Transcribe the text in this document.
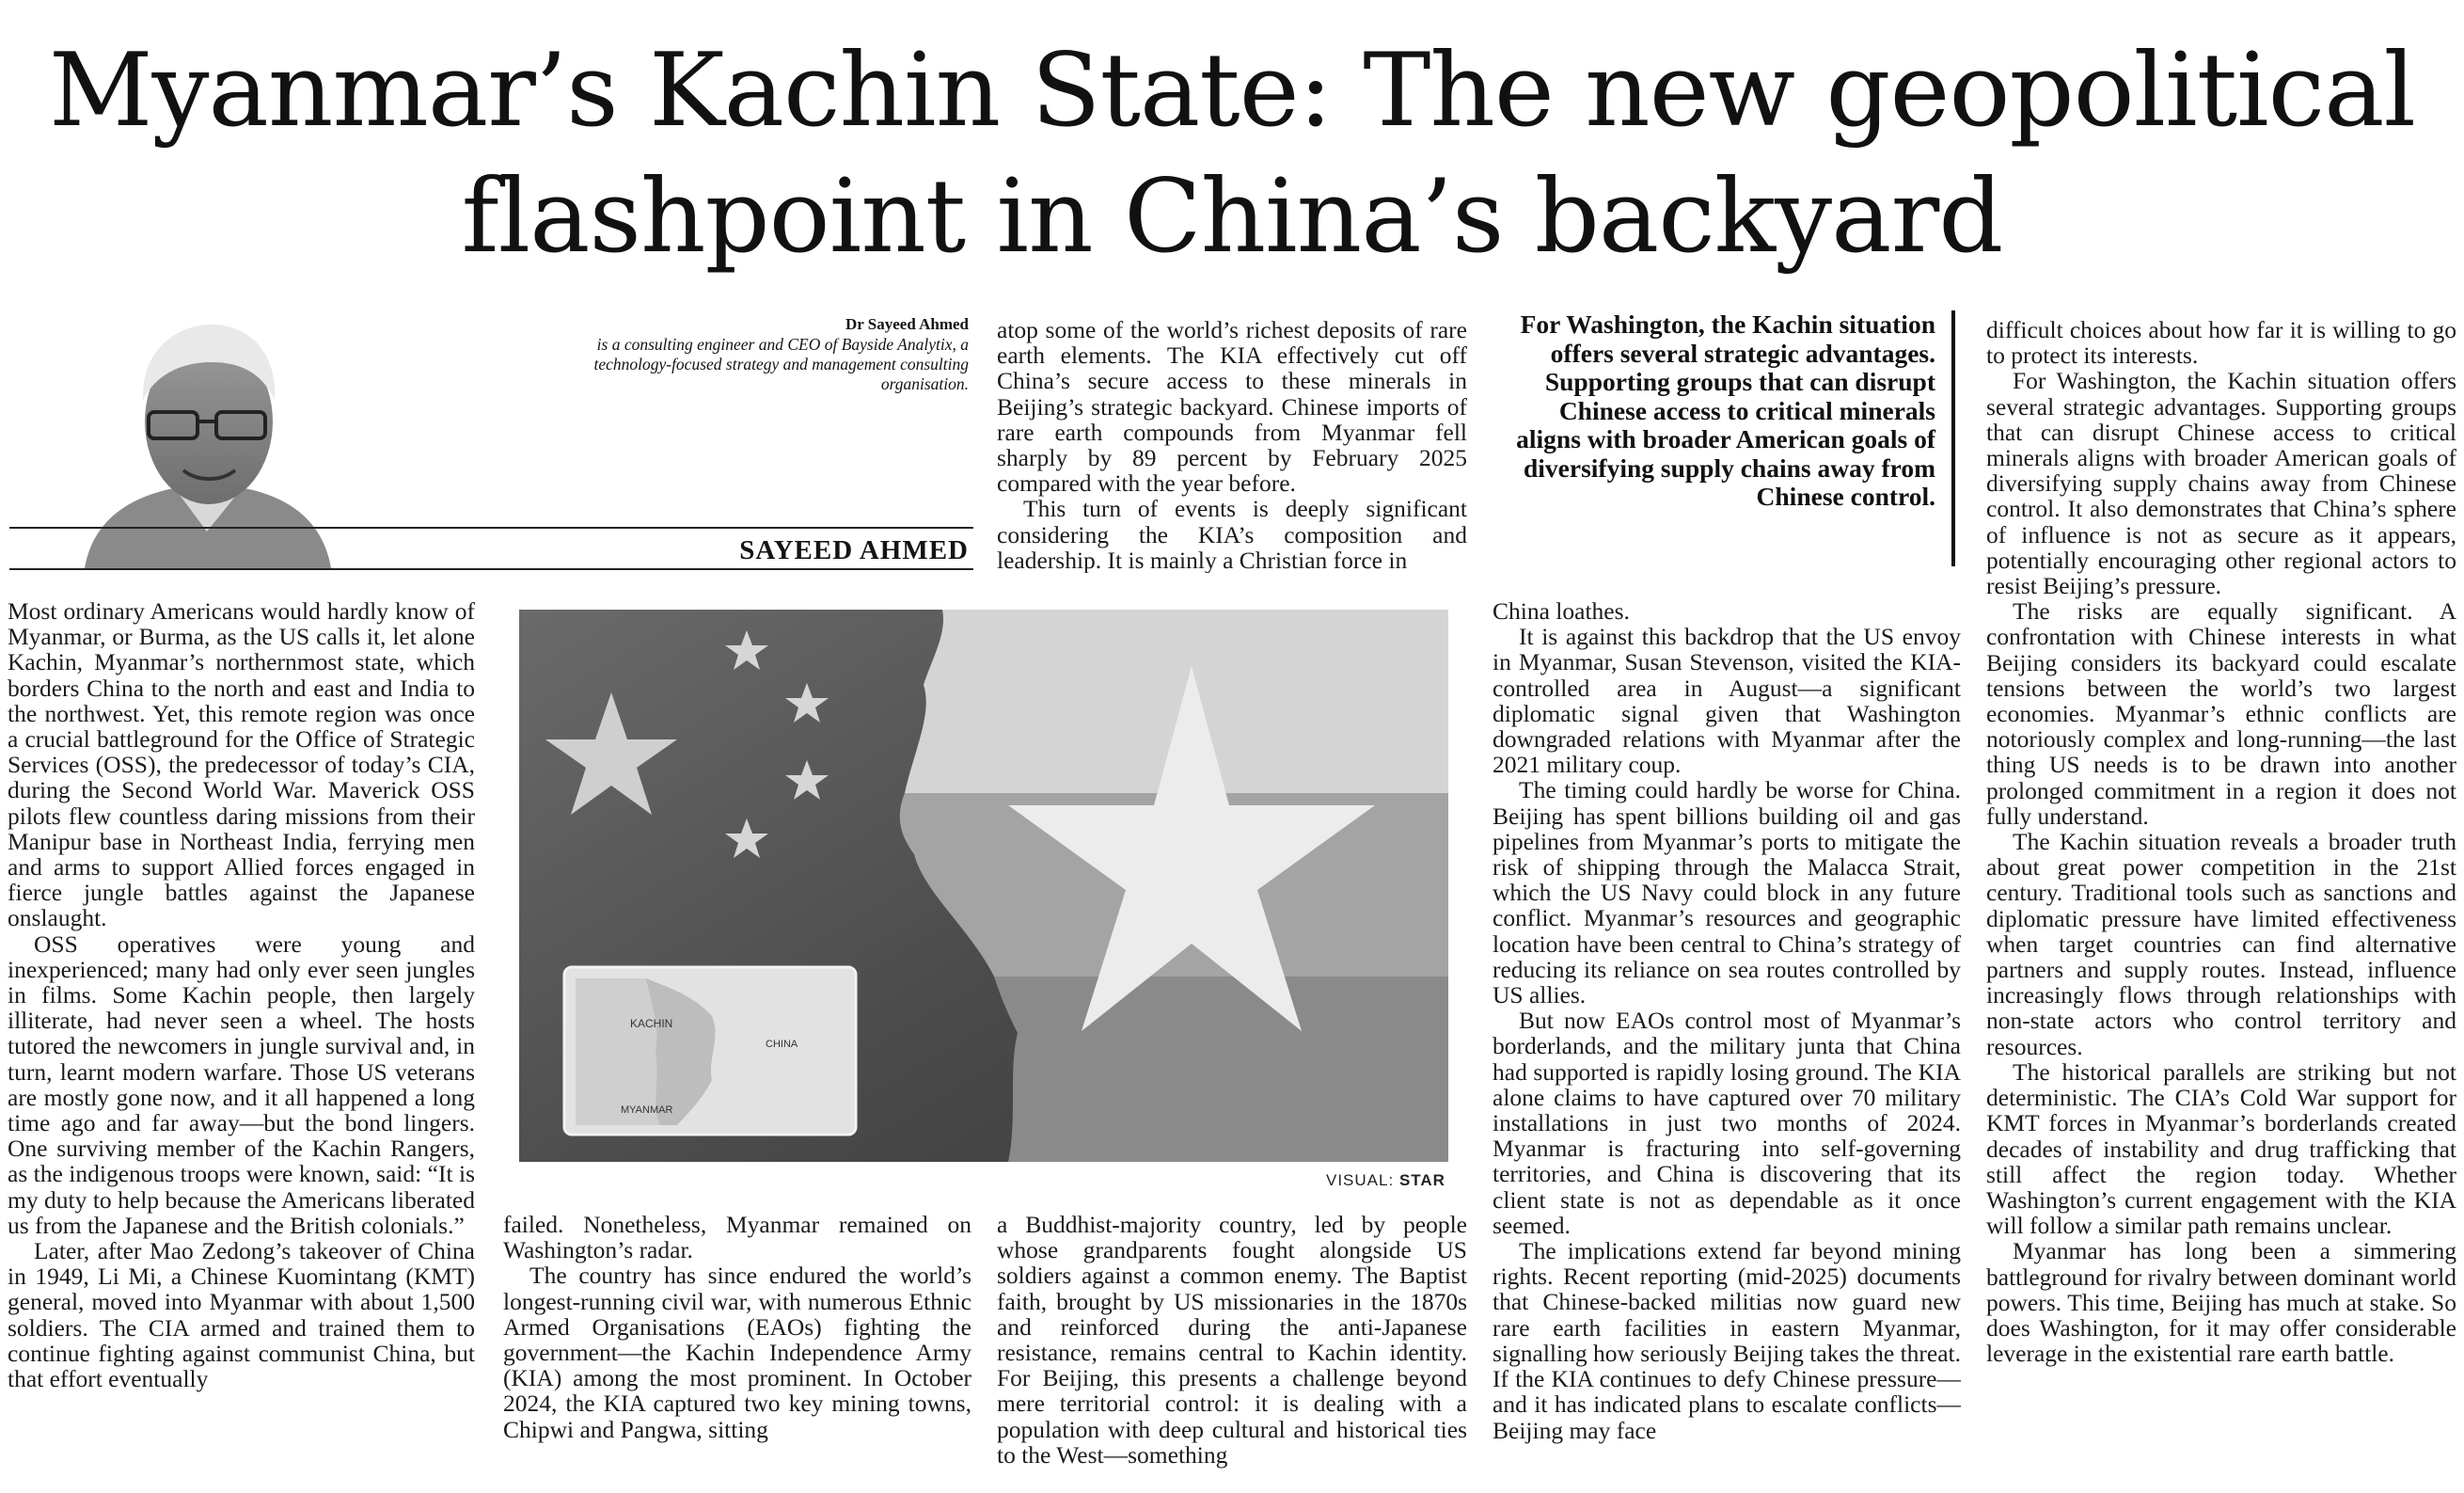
Myanmar’s Kachin State: The new geopolitical
flashpoint in China’s backyard
Dr Sayeed Ahmed
is a consulting engineer and CEO of Bayside Analytix, a technology-focused strategy and management consulting organisation.
SAYEED AHMED

Most ordinary Americans would hardly know of Myanmar, or Burma, as the US calls it, let alone Kachin, Myanmar’s northernmost state, which borders China to the north and east and India to the northwest. Yet, this remote region was once a crucial battleground for the Office of Strategic Services (OSS), the predecessor of today’s CIA, during the Second World War. Maverick OSS pilots flew countless daring missions from their Manipur base in Northeast India, ferrying men and arms to support Allied forces engaged in fierce jungle battles against the Japanese onslaught.

OSS operatives were young and inexperienced; many had only ever seen jungles in films. Some Kachin people, then largely illiterate, had never seen a wheel. The hosts tutored the newcomers in jungle survival and, in turn, learnt modern warfare. Those US veterans are mostly gone now, and it all happened a long time ago and far away—but the bond lingers. One surviving member of the Kachin Rangers, as the indigenous troops were known, said: “It is my duty to help because the Americans liberated us from the Japanese and the British colonials.”

Later, after Mao Zedong’s takeover of China in 1949, Li Mi, a Chinese Kuomintang (KMT) general, moved into Myanmar with about 1,500 soldiers. The CIA armed and trained them to continue fighting against communist China, but that effort eventually

atop some of the world’s richest deposits of rare earth elements. The KIA effectively cut off China’s secure access to these minerals in Beijing’s strategic backyard. Chinese imports of rare earth compounds from Myanmar fell sharply by 89 percent by February 2025 compared with the year before.

This turn of events is deeply significant considering the KIA’s composition and leadership. It is mainly a Christian force in

For Washington, the Kachin situation offers several strategic advantages. Supporting groups that can disrupt Chinese access to critical minerals aligns with broader American goals of diversifying supply chains away from Chinese control.

difficult choices about how far it is willing to go to protect its interests.

For Washington, the Kachin situation offers several strategic advantages. Supporting groups that can disrupt Chinese access to critical minerals aligns with broader American goals of diversifying supply chains away from Chinese control. It also demonstrates that China’s sphere of influence is not as secure as it appears, potentially encouraging other regional actors to resist Beijing’s pressure.

The risks are equally significant. A confrontation with Chinese interests in what Beijing considers its backyard could escalate tensions between the world’s two largest economies. Myanmar’s ethnic conflicts are notoriously complex and long-running—the last thing US needs is to be drawn into another prolonged commitment in a region it does not fully understand.

The Kachin situation reveals a broader truth about great power competition in the 21st century. Traditional tools such as sanctions and diplomatic pressure have limited effectiveness when target countries can find alternative partners and supply routes. Instead, influence increasingly flows through relationships with non-state actors who control territory and resources.

The historical parallels are striking but not deterministic. The CIA’s Cold War support for KMT forces in Myanmar’s borderlands created decades of instability and drug trafficking that still affect the region today. Whether Washington’s current engagement with the KIA will follow a similar path remains unclear.

Myanmar has long been a simmering battleground for rivalry between dominant world powers. This time, Beijing has much at stake. So does Washington, for it may offer considerable leverage in the existential rare earth battle.

KACHIN
CHINA
MYANMAR
VISUAL: STAR

failed. Nonetheless, Myanmar remained on Washington’s radar.

The country has since endured the world’s longest-running civil war, with numerous Ethnic Armed Organisations (EAOs) fighting the government—the Kachin Independence Army (KIA) among the most prominent. In October 2024, the KIA captured two key mining towns, Chipwi and Pangwa, sitting

a Buddhist-majority country, led by people whose grandparents fought alongside US soldiers against a common enemy. The Baptist faith, brought by US missionaries in the 1870s and reinforced during the anti-Japanese resistance, remains central to Kachin identity. For Beijing, this presents a challenge beyond mere territorial control: it is dealing with a population with deep cultural and historical ties to the West—something

China loathes.

It is against this backdrop that the US envoy in Myanmar, Susan Stevenson, visited the KIA-controlled area in August—a significant diplomatic signal given that Washington downgraded relations with Myanmar after the 2021 military coup.

The timing could hardly be worse for China. Beijing has spent billions building oil and gas pipelines from Myanmar’s ports to mitigate the risk of shipping through the Malacca Strait, which the US Navy could block in any future conflict. Myanmar’s resources and geographic location have been central to China’s strategy of reducing its reliance on sea routes controlled by US allies.

But now EAOs control most of Myanmar’s borderlands, and the military junta that China had supported is rapidly losing ground. The KIA alone claims to have captured over 70 military installations in just two months of 2024. Myanmar is fracturing into self-governing territories, and China is discovering that its client state is not as dependable as it once seemed.

The implications extend far beyond mining rights. Recent reporting (mid-2025) documents that Chinese-backed militias now guard new rare earth facilities in eastern Myanmar, signalling how seriously Beijing takes the threat. If the KIA continues to defy Chinese pressure—and it has indicated plans to escalate conflicts—Beijing may face
